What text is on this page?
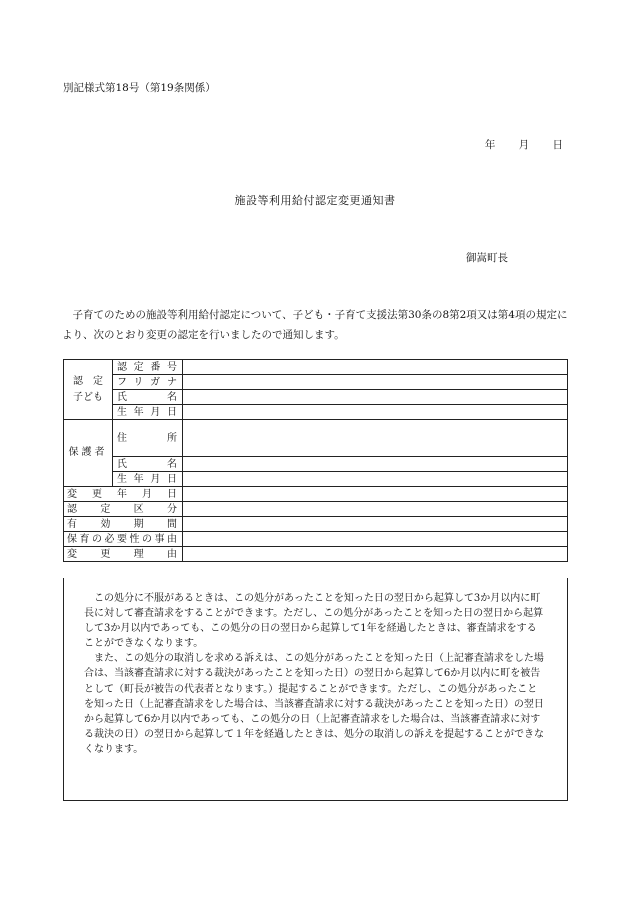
別記様式第18号（第19条関係）
年 月 日
施設等利用給付認定変更通知書
御嵩町長
子育てのための施設等利用給付認定について、子ども・子育て支援法第30条の8第2項又は第4項の規定により、次のとおり変更の認定を行いましたので通知します。
認　定
子ども	認定番号	
	フリガナ	
	氏名	
	生年月日	
保護者	住所	
	氏名	
	生年月日	
変更年月日		
認定区分		
有効期間		
保育の必要性の事由		
変更理由		

この処分に不服があるときは、この処分があったことを知った日の翌日から起算して3か月以内に町長に対して審査請求をすることができます。ただし、この処分があったことを知った日の翌日から起算して3か月以内であっても、この処分の日の翌日から起算して1年を経過したときは、審査請求をすることができなくなります。

また、この処分の取消しを求める訴えは、この処分があったことを知った日（上記審査請求をした場合は、当該審査請求に対する裁決があったことを知った日）の翌日から起算して6か月以内に町を被告として（町長が被告の代表者となります。）提起することができます。ただし、この処分があったことを知った日（上記審査請求をした場合は、当該審査請求に対する裁決があったことを知った日）の翌日から起算して6か月以内であっても、この処分の日（上記審査請求をした場合は、当該審査請求に対する裁決の日）の翌日から起算して１年を経過したときは、処分の取消しの訴えを提起することができなくなります。
